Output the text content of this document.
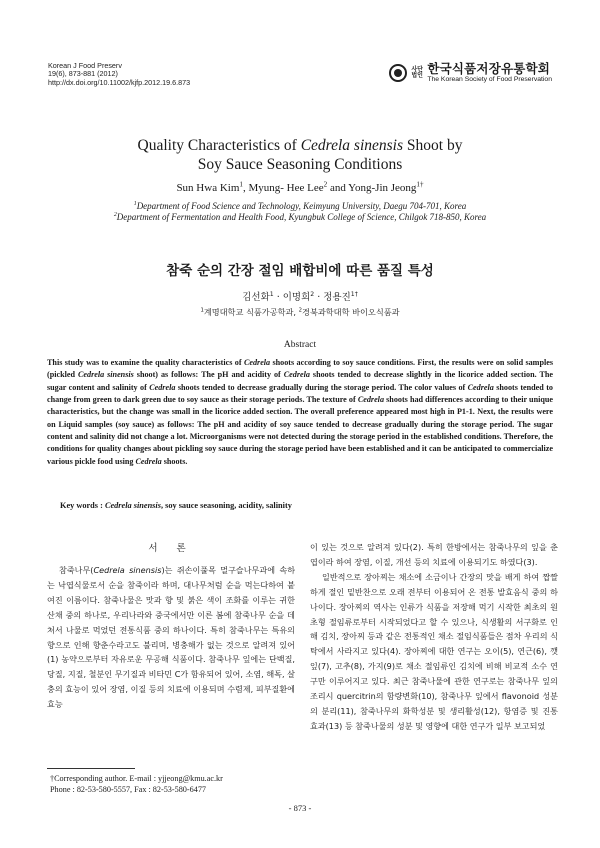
Korean J Food Preserv
19(6), 873-881 (2012)
http://dx.doi.org/10.11002/kjfp.2012.19.6.873
사단법인 한국식품저장유통학회
The Korean Society of Food Preservation
Quality Characteristics of Cedrela sinensis Shoot by
Soy Sauce Seasoning Conditions
Sun Hwa Kim$^1$, Myung- Hee Lee$^2$ and Yong-Jin Jeong$^{1\dagger}$
$^1$Department of Food Science and Technology, Keimyung University, Daegu 704-701, Korea
$^2$Department of Fermentation and Health Food, Kyungbuk College of Science, Chilgok 718-850, Korea
참죽 순의 간장 절임 배합비에 따른 품질 특성
김선화$^1$ · 이명희$^2$ · 정용진$^{1\dagger}$
$^1$계명대학교 식품가공학과, $^2$경북과학대학 바이오식품과
Abstract
This study was to examine the quality characteristics of Cedrela shoots according to soy sauce conditions. First, the results were on solid samples (pickled Cedrela sinensis shoot) as follows: The pH and acidity of Cedrela shoots tended to decrease slightly in the licorice added section. The sugar content and salinity of Cedrela shoots tended to decrease gradually during the storage period. The color values of Cedrela shoots tended to change from green to dark green due to soy sauce as their storage periods. The texture of Cedrela shoots had differences according to their unique characteristics, but the change was small in the licorice added section. The overall preference appeared most high in P1-1. Next, the results were on Liquid samples (soy sauce) as follows: The pH and acidity of soy sauce tended to decrease gradually during the storage period. The sugar content and salinity did not change a lot. Microorganisms were not detected during the storage period in the established conditions. Therefore, the conditions for quality changes about pickling soy sauce during the storage period have been established and it can be anticipated to commercialize various pickle food using Cedrela shoots.
Key words : Cedrela sinensis, soy sauce seasoning, acidity, salinity
서 론
참죽나무(Cedrela sinensis)는 쥐손이풀목 멀구슬나무과에 속하는 낙엽식물로서 순을 참죽이라 하며, 대나무처럼 순을 먹는다하여 붙여진 이름이다. 참죽나물은 맛과 향 및 붉은 색이 조화를 이루는 귀한 산채 중의 하나로, 우리나라와 중국에서만 이른 봄에 참죽나무 순을 데쳐서 나물로 먹었던 전통식품 중의 하나이다. 특히 참죽나무는 특유의 향으로 인해 향춘수라고도 불리며, 병충해가 없는 것으로 알려져 있어(1) 농약으로부터 자유로운 무공해 식품이다. 참죽나무 잎에는 단백질, 당질, 지질, 철분인 무기질과 비타민 C가 함유되어 있어, 소염, 해독, 살충의 효능이 있어 장염, 이질 등의 치료에 이용되며 수렴제, 피부질환에 효능
이 있는 것으로 알려져 있다(2). 특히 한방에서는 참죽나무의 잎을 춘엽이라 하여 장염, 이질, 개선 등의 치료에 이용되기도 하였다(3).
일반적으로 장아찌는 채소에 소금이나 간장의 맛을 배게 하여 짭짤하게 절인 밑반찬으로 오래 전부터 이용되어 온 전통 발효음식 중의 하나이다. 장아찌의 역사는 인류가 식품을 저장해 먹기 시작한 최초의 원초형 절임류로부터 시작되었다고 할 수 있으나, 식생활의 서구화로 인해 김치, 장아찌 등과 같은 전통적인 채소 절임식품들은 점차 우리의 식탁에서 사라지고 있다(4). 장아찌에 대한 연구는 오이(5), 연근(6), 깻잎(7), 고추(8), 가지(9)로 채소 절임류인 김치에 비해 비교적 소수 연구만 이루어지고 있다. 최근 참죽나물에 관한 연구로는 참죽나무 잎의 조리시 quercitrin의 함량변화(10), 참죽나무 잎에서 flavonoid 성분의 분리(11), 참죽나무의 화학성분 및 생리활성(12), 항염증 및 진통 효과(13) 등 참죽나물의 성분 및 영향에 대한 연구가 일부 보고되었
†Corresponding author. E-mail : yjjeong@kmu.ac.kr
Phone : 82-53-580-5557, Fax : 82-53-580-6477
- 873 -
